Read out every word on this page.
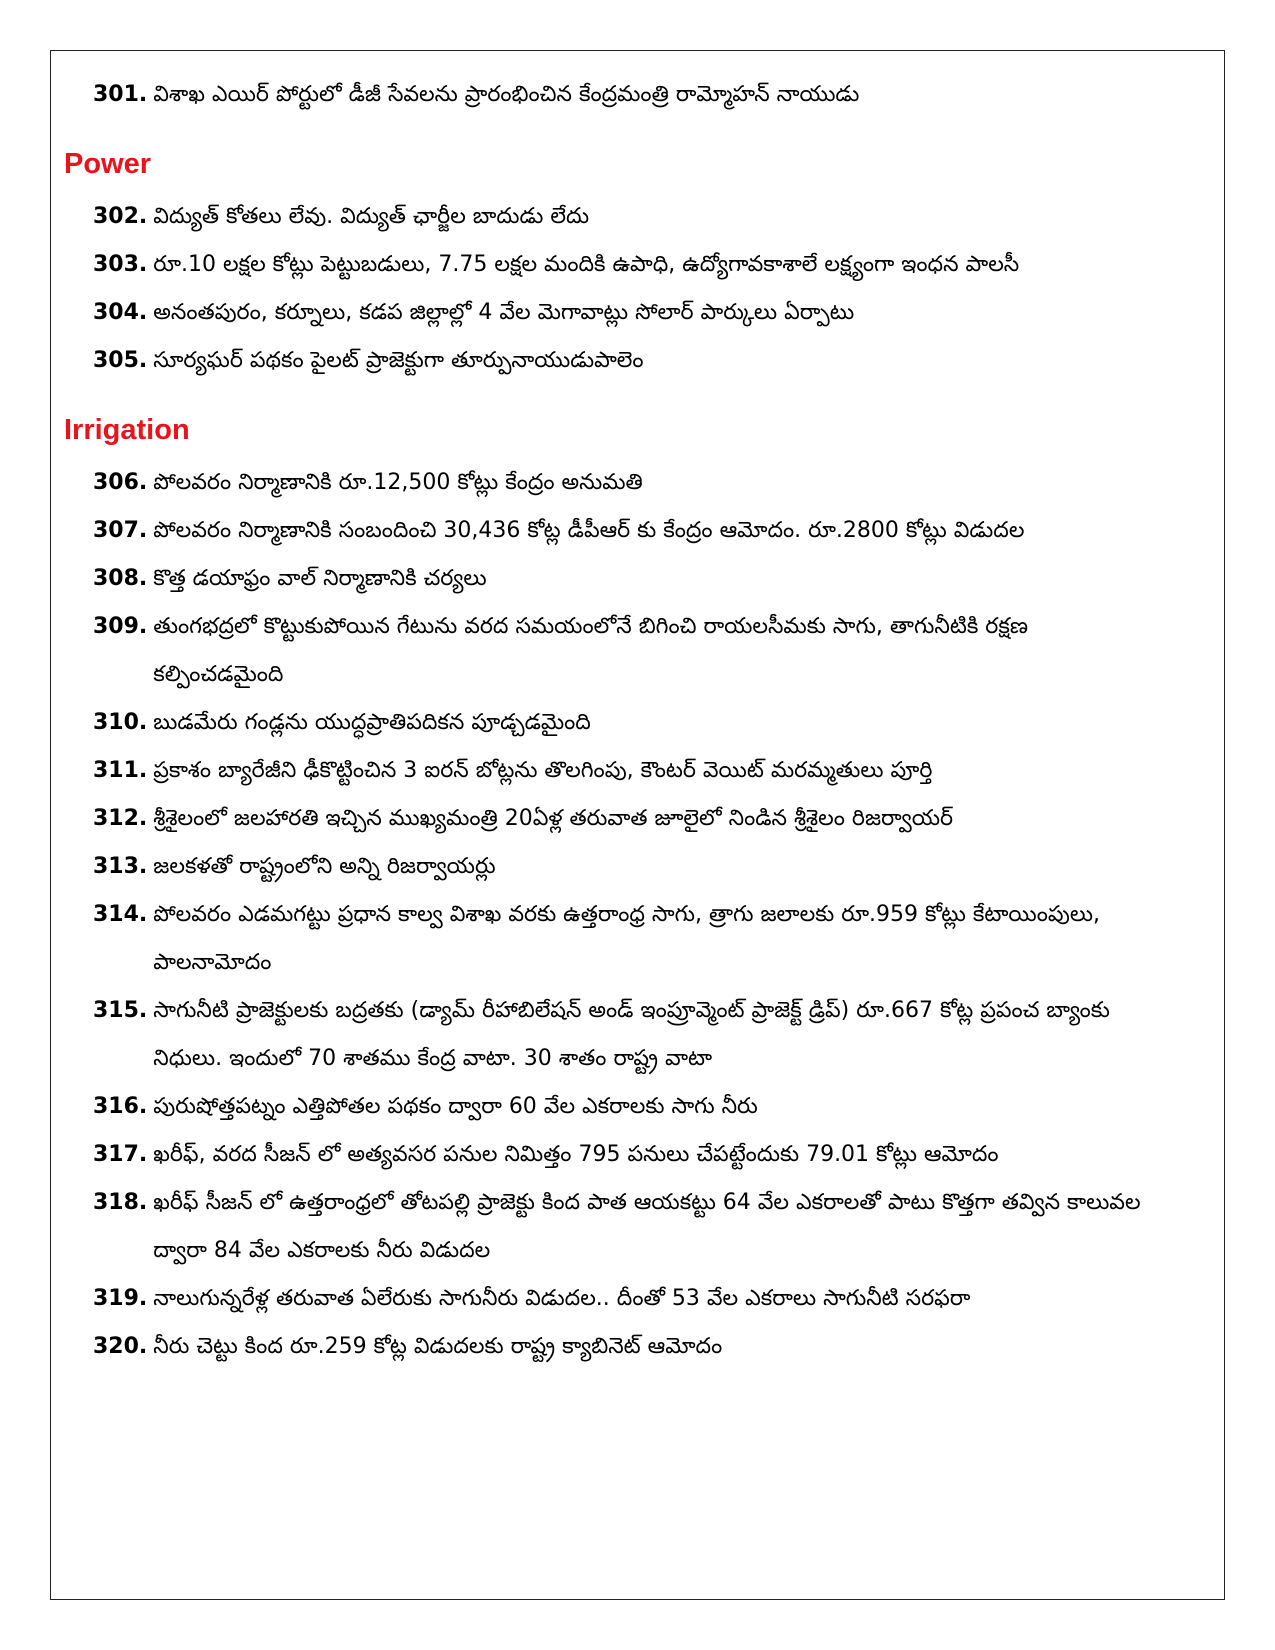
301. విశాఖ ఎయిర్ పోర్టులో డీజీ సేవలను ప్రారంభించిన కేంద్రమంత్రి రామ్మోహన్ నాయుడు
Power
302. విద్యుత్ కోతలు లేవు. విద్యుత్ ఛార్జీల బాదుడు లేదు
303. రూ.10 లక్షల కోట్లు పెట్టుబడులు, 7.75 లక్షల మందికి ఉపాధి, ఉద్యోగావకాశాలే లక్ష్యంగా ఇంధన పాలసీ
304. అనంతపురం, కర్నూలు, కడప జిల్లాల్లో 4 వేల మెగావాట్లు సోలార్ పార్కులు ఏర్పాటు
305. సూర్యఘర్ పథకం పైలట్ ప్రాజెక్టుగా తూర్పునాయుడుపాలెం
Irrigation
306. పోలవరం నిర్మాణానికి రూ.12,500 కోట్లు కేంద్రం అనుమతి
307. పోలవరం నిర్మాణానికి సంబందించి 30,436 కోట్ల డీపీఆర్ కు కేంద్రం ఆమోదం. రూ.2800 కోట్లు విడుదల
308. కొత్త డయాఫ్రం వాల్ నిర్మాణానికి చర్యలు
309. తుంగభద్రలో కొట్టుకుపోయిన గేటును వరద సమయంలోనే బిగించి రాయలసీమకు సాగు, తాగునీటికి రక్షణ కల్పించడమైంది
310. బుడమేరు గండ్లను యుద్ధప్రాతిపదికన పూడ్చడమైంది
311. ప్రకాశం బ్యారేజీని ఢీకొట్టించిన 3 ఐరన్ బోట్లను తొలగింపు, కౌంటర్ వెయిట్ మరమ్మతులు పూర్తి
312. శ్రీశైలంలో జలహారతి ఇచ్చిన ముఖ్యమంత్రి 20ఏళ్ల తరువాత జూలైలో నిండిన శ్రీశైలం రిజర్వాయర్
313. జలకళతో రాష్ట్రంలోని అన్ని రిజర్వాయర్లు
314. పోలవరం ఎడమగట్టు ప్రధాన కాల్వ విశాఖ వరకు ఉత్తరాంధ్ర సాగు, త్రాగు జలాలకు రూ.959 కోట్లు కేటాయింపులు, పాలనామోదం
315. సాగునీటి ప్రాజెక్టులకు బద్రతకు (డ్యామ్ రీహాబిలేషన్ అండ్ ఇంప్రూవ్మెంట్ ప్రాజెక్ట్ డ్రిప్) రూ.667 కోట్ల ప్రపంచ బ్యాంకు నిధులు. ఇందులో 70 శాతము కేంద్ర వాటా. 30 శాతం రాష్ట్ర వాటా
316. పురుషోత్తపట్నం ఎత్తిపోతల పథకం ద్వారా 60 వేల ఎకరాలకు సాగు నీరు
317. ఖరీఫ్, వరద సీజన్ లో అత్యవసర పనుల నిమిత్తం 795 పనులు చేపట్టేందుకు 79.01 కోట్లు ఆమోదం
318. ఖరీఫ్ సీజన్ లో ఉత్తరాంధ్రలో తోటపల్లి ప్రాజెక్టు కింద పాత ఆయకట్టు 64 వేల ఎకరాలతో పాటు కొత్తగా తవ్విన కాలువల ద్వారా 84 వేల ఎకరాలకు నీరు విడుదల
319. నాలుగున్నరేళ్ల తరువాత ఏలేరుకు సాగునీరు విడుదల.. దీంతో 53 వేల ఎకరాలు సాగునీటి సరఫరా
320. నీరు చెట్టు కింద రూ.259 కోట్ల విడుదలకు రాష్ట్ర క్యాబినెట్ ఆమోదం
